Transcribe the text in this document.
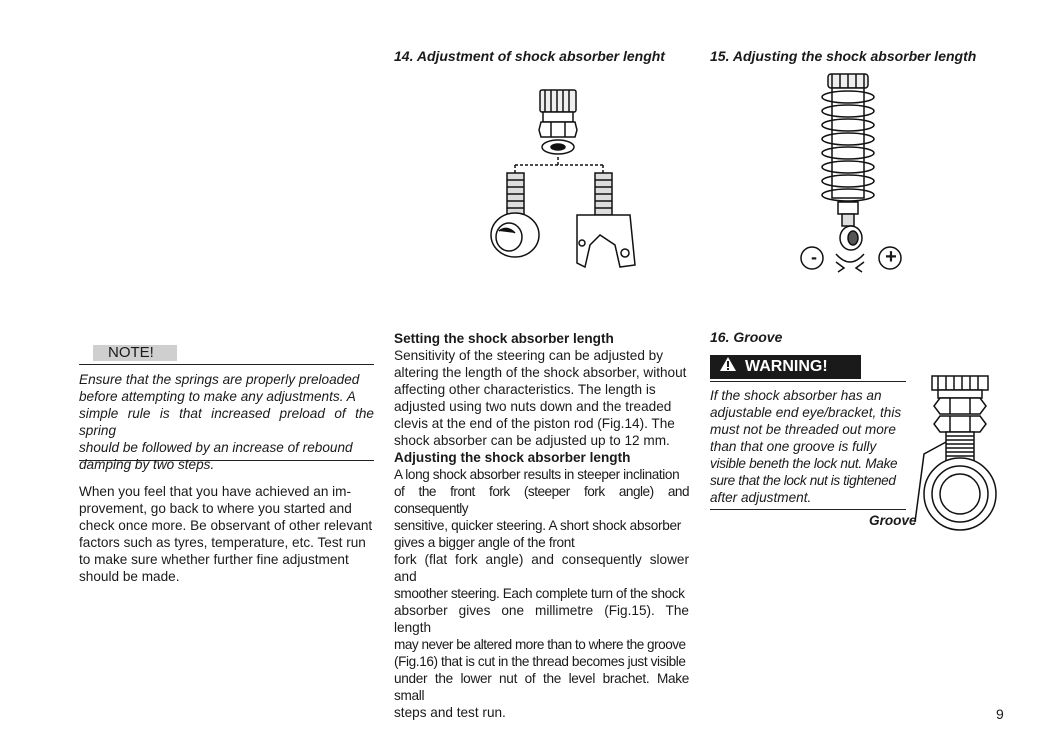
14. Adjustment of shock absorber lenght	15. Adjusting the shock absorber length
-	+
NOTE!
Ensure that the springs are properly preloaded
before attempting to make any adjustments. A
simple rule is that increased preload of the spring
should be followed by an increase of rebound
damping by two steps.
When you feel that you have achieved an im-
provement, go back to where you started and
check once more. Be observant of other relevant
factors such as tyres, temperature, etc. Test run
to make sure whether further fine adjustment
should be made.
Setting the shock absorber length
Sensitivity of the steering can be adjusted by
altering the length of the shock absorber, without
affecting other characteristics. The length is
adjusted using two nuts down and the treaded
clevis at the end of the piston rod (Fig.14). The
shock absorber can be adjusted up to 12 mm.
Adjusting the shock absorber length
A long shock absorber results in steeper inclination
of the front fork (steeper fork angle) and consequently
sensitive, quicker steering. A short shock absorber
gives a bigger angle of the front
fork (flat fork angle) and consequently slower and
smoother steering. Each complete turn of the shock
absorber gives one millimetre (Fig.15). The length
may never be altered more than to where the groove
(Fig.16) that is cut in the thread becomes just visible
under the lower nut of the level brachet. Make small
steps and test run.
16. Groove
WARNING!
If the shock absorber has an
adjustable end eye/bracket, this
must not be threaded out more
than that one groove is fully
visible beneth the lock nut. Make
sure that the lock nut is tightened
after adjustment.
Groove
9
